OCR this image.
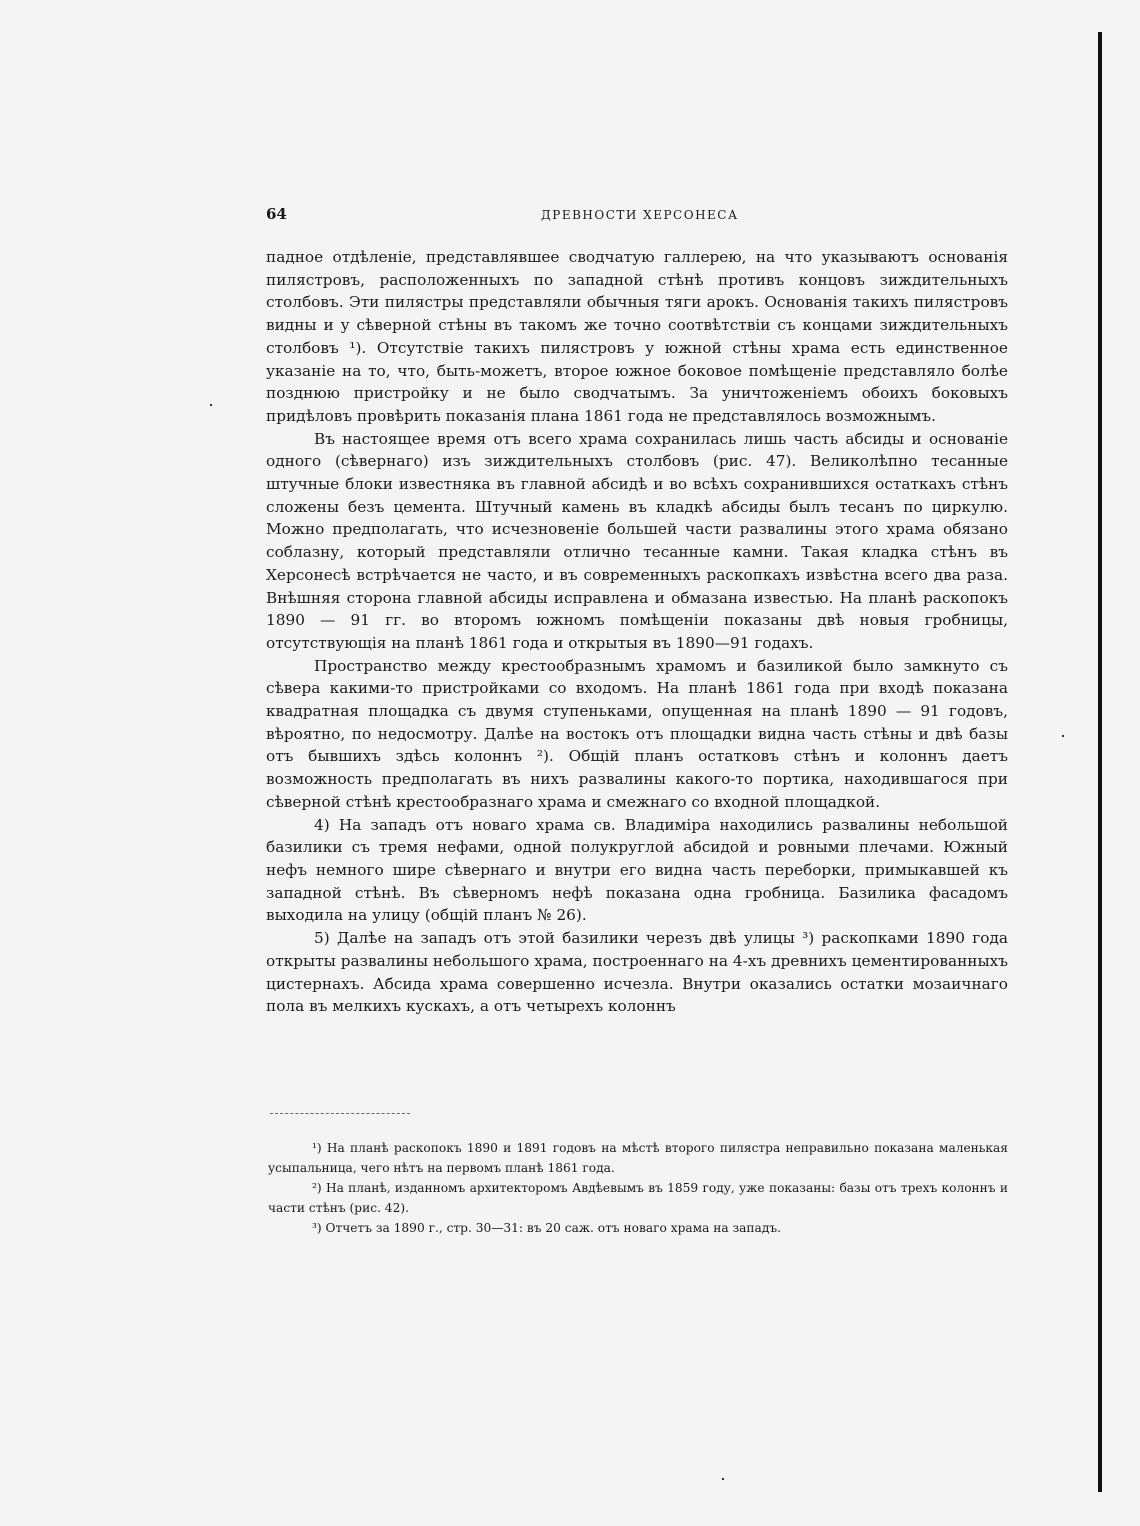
64	ДРЕВНОСТИ ХЕРСОНЕСА

падное отдѣленіе, представлявшее сводчатую галлерею, на что указываютъ основанія пилястровъ, расположенныхъ по западной стѣнѣ противъ концовъ зиждительныхъ столбовъ. Эти пилястры представляли обычныя тяги арокъ. Основанія такихъ пилястровъ видны и у сѣверной стѣны въ такомъ же точно соотвѣтствіи съ концами зиждительныхъ столбовъ ¹). Отсутствіе такихъ пилястровъ у южной стѣны храма есть единственное указаніе на то, что, быть-можетъ, второе южное боковое помѣщеніе представляло болѣе позднюю пристройку и не было сводчатымъ. За уничтоженіемъ обоихъ боковыхъ придѣловъ провѣрить показанія плана 1861 года не представлялось возможнымъ.

Въ настоящее время отъ всего храма сохранилась лишь часть абсиды и основаніе одного (сѣвернаго) изъ зиждительныхъ столбовъ (рис. 47). Великолѣпно тесанные штучные блоки известняка въ главной абсидѣ и во всѣхъ сохранившихся остаткахъ стѣнъ сложены безъ цемента. Штучный камень въ кладкѣ абсиды былъ тесанъ по циркулю. Можно предполагать, что исчезновеніе большей части развалины этого храма обязано соблазну, который представляли отлично тесанные камни. Такая кладка стѣнъ въ Херсонесѣ встрѣчается не часто, и въ современныхъ раскопкахъ извѣстна всего два раза. Внѣшняя сторона главной абсиды исправлена и обмазана известью. На планѣ раскопокъ 1890 — 91 гг. во второмъ южномъ помѣщеніи показаны двѣ новыя гробницы, отсутствующія на планѣ 1861 года и открытыя въ 1890—91 годахъ.

Пространство между крестообразнымъ храмомъ и базиликой было замкнуто съ сѣвера какими-то пристройками со входомъ. На планѣ 1861 года при входѣ показана квадратная площадка съ двумя ступеньками, опущенная на планѣ 1890 — 91 годовъ, вѣроятно, по недосмотру. Далѣе на востокъ отъ площадки видна часть стѣны и двѣ базы отъ бывшихъ здѣсь колоннъ ²). Общій планъ остатковъ стѣнъ и колоннъ даетъ возможность предполагать въ нихъ развалины какого-то портика, находившагося при сѣверной стѣнѣ крестообразнаго храма и смежнаго со входной площадкой.

4) На западъ отъ новаго храма св. Владиміра находились развалины небольшой базилики съ тремя нефами, одной полукруглой абсидой и ровными плечами. Южный нефъ немного шире сѣвернаго и внутри его видна часть переборки, примыкавшей къ западной стѣнѣ. Въ сѣверномъ нефѣ показана одна гробница. Базилика фасадомъ выходила на улицу (общій планъ № 26).

5) Далѣе на западъ отъ этой базилики черезъ двѣ улицы ³) раскопками 1890 года открыты развалины небольшого храма, построеннаго на 4-хъ древнихъ цементированныхъ цистернахъ. Абсида храма совершенно исчезла. Внутри оказались остатки мозаичнаго пола въ мелкихъ кускахъ, а отъ четырехъ колоннъ

¹) На планѣ раскопокъ 1890 и 1891 годовъ на мѣстѣ второго пилястра неправильно показана маленькая усыпальница, чего нѣтъ на первомъ планѣ 1861 года.

²) На планѣ, изданномъ архитекторомъ Авдѣевымъ въ 1859 году, уже показаны: базы отъ трехъ колоннъ и части стѣнъ (рис. 42).

³) Отчетъ за 1890 г., стр. 30—31: въ 20 саж. отъ новаго храма на западъ.
